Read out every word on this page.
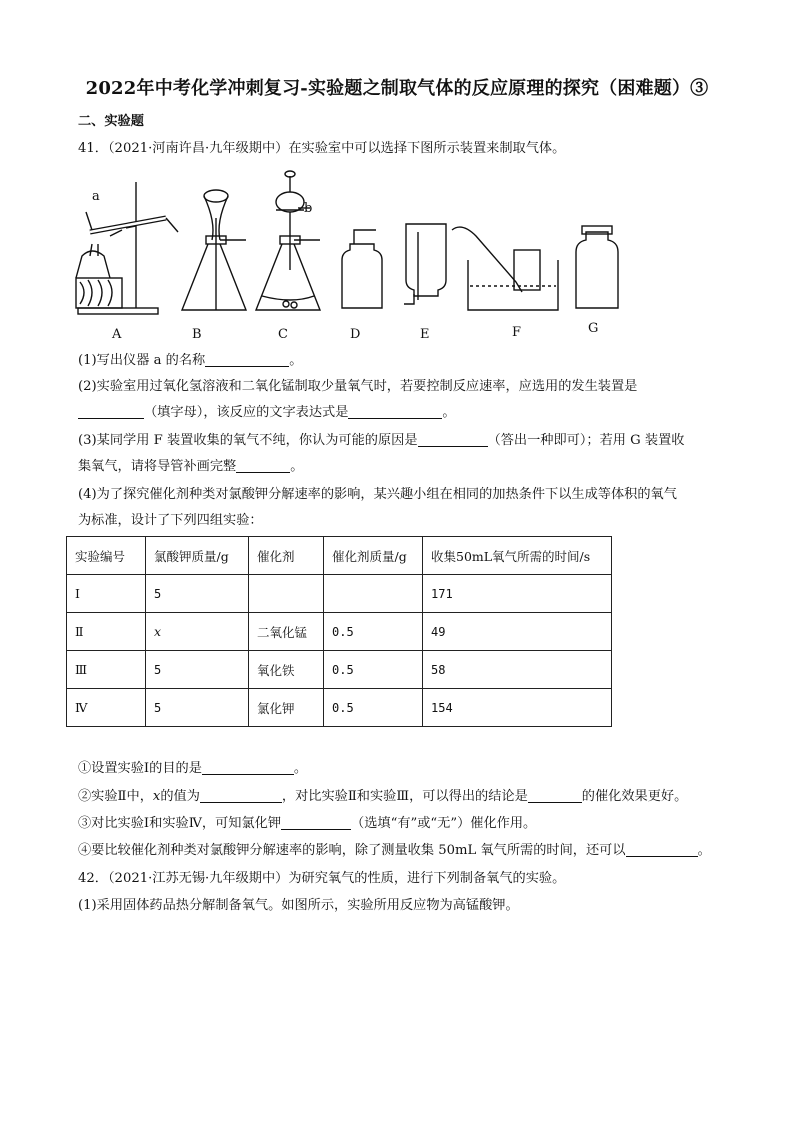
2022年中考化学冲刺复习-实验题之制取气体的反应原理的探究（困难题）③
二、实验题
41．（2021·河南许昌·九年级期中）在实验室中可以选择下图所示装置来制取气体。
a
b
A	B	C	D	E	F	G
(1)写出仪器 a 的名称	。
(2)实验室用过氧化氢溶液和二氧化锰制取少量氧气时，若要控制反应速率，应选用的发生装置是
（填字母），该反应的文字表达式是	。
(3)某同学用 F 装置收集的氧气不纯，你认为可能的原因是	（答出一种即可）；若用 G 装置收
集氧气，请将导管补画完整	。
(4)为了探究催化剂种类对氯酸钾分解速率的影响，某兴趣小组在相同的加热条件下以生成等体积的氧气
为标准，设计了下列四组实验：
实验编号	氯酸钾质量/g	催化剂	催化剂质量/g	收集50mL氧气所需的时间/s
Ⅰ	5			171
Ⅱ	x	二氧化锰	0.5	49
Ⅲ	5	氧化铁	0.5	58
Ⅳ	5	氯化钾	0.5	154
①设置实验Ⅰ的目的是	。
②实验Ⅱ中，x的值为	，对比实验Ⅱ和实验Ⅲ，可以得出的结论是	的催化效果更好。
③对比实验Ⅰ和实验Ⅳ，可知氯化钾	（选填“有”或“无”）催化作用。
④要比较催化剂种类对氯酸钾分解速率的影响，除了测量收集 50mL 氧气所需的时间，还可以	。
42．（2021·江苏无锡·九年级期中）为研究氧气的性质，进行下列制备氧气的实验。
(1)采用固体药品热分解制备氧气。如图所示，实验所用反应物为高锰酸钾。
